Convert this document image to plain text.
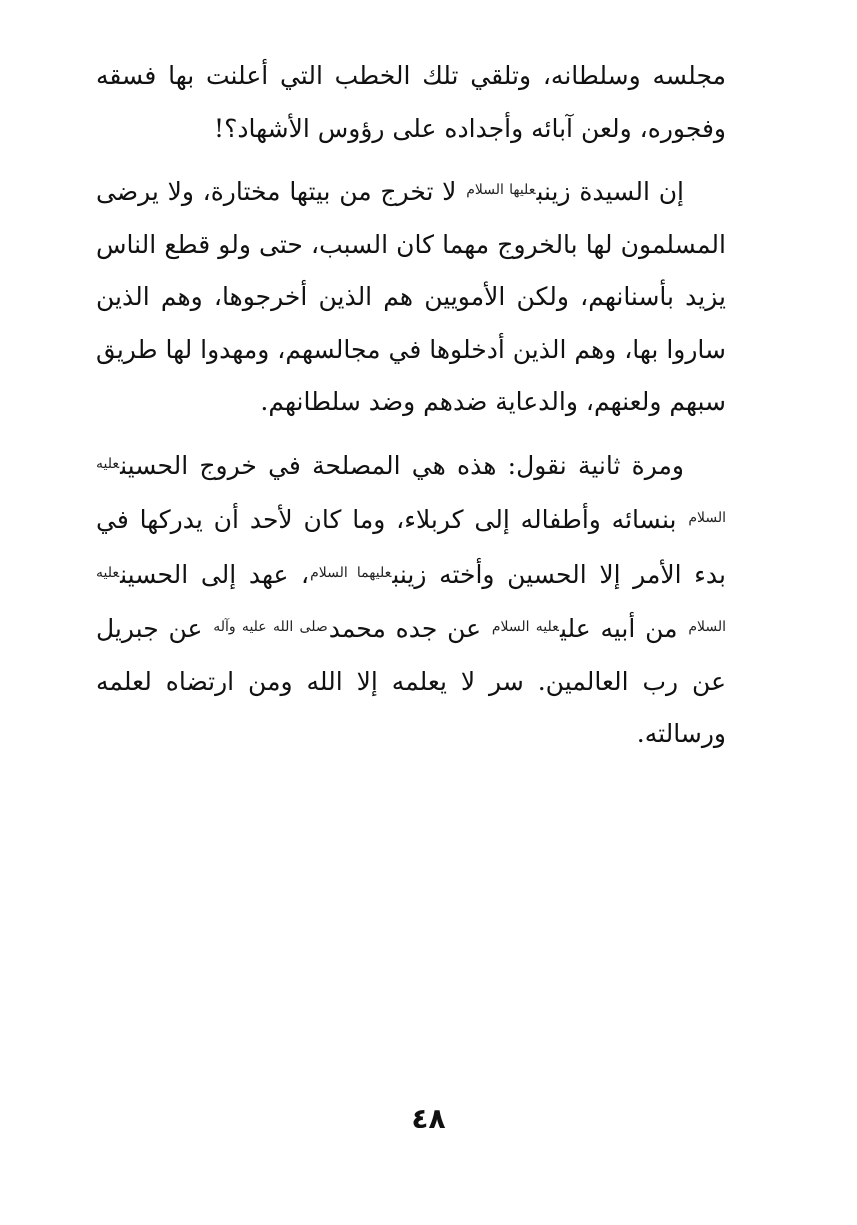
مجلسه وسلطانه، وتلقي تلك الخطب التي أعلنت بها فسقه وفجوره، ولعن آبائه وأجداده على رؤوس الأشهاد؟!

إن السيدة زينب$^{عليها السلام}$ لا تخرج من بيتها مختارة، ولا يرضى المسلمون لها بالخروج مهما كان السبب، حتى ولو قطع الناس يزيد بأسنانهم، ولكن الأمويين هم الذين أخرجوها، وهم الذين ساروا بها، وهم الذين أدخلوها في مجالسهم، ومهدوا لها طريق سبهم ولعنهم، والدعاية ضدهم وضد سلطانهم.

ومرة ثانية نقول: هذه هي المصلحة في خروج الحسين$^{عليه السلام}$ بنسائه وأطفاله إلى كربلاء، وما كان لأحد أن يدركها في بدء الأمر إلا الحسين وأخته زينب$^{عليهما السلام}$، عهد إلى الحسين$^{عليه السلام}$ من أبيه علي$^{عليه السلام}$ عن جده محمد$^{صلى الله عليه وآله}$ عن جبريل عن رب العالمين. سر لا يعلمه إلا الله ومن ارتضاه لعلمه ورسالته.

٤٨
